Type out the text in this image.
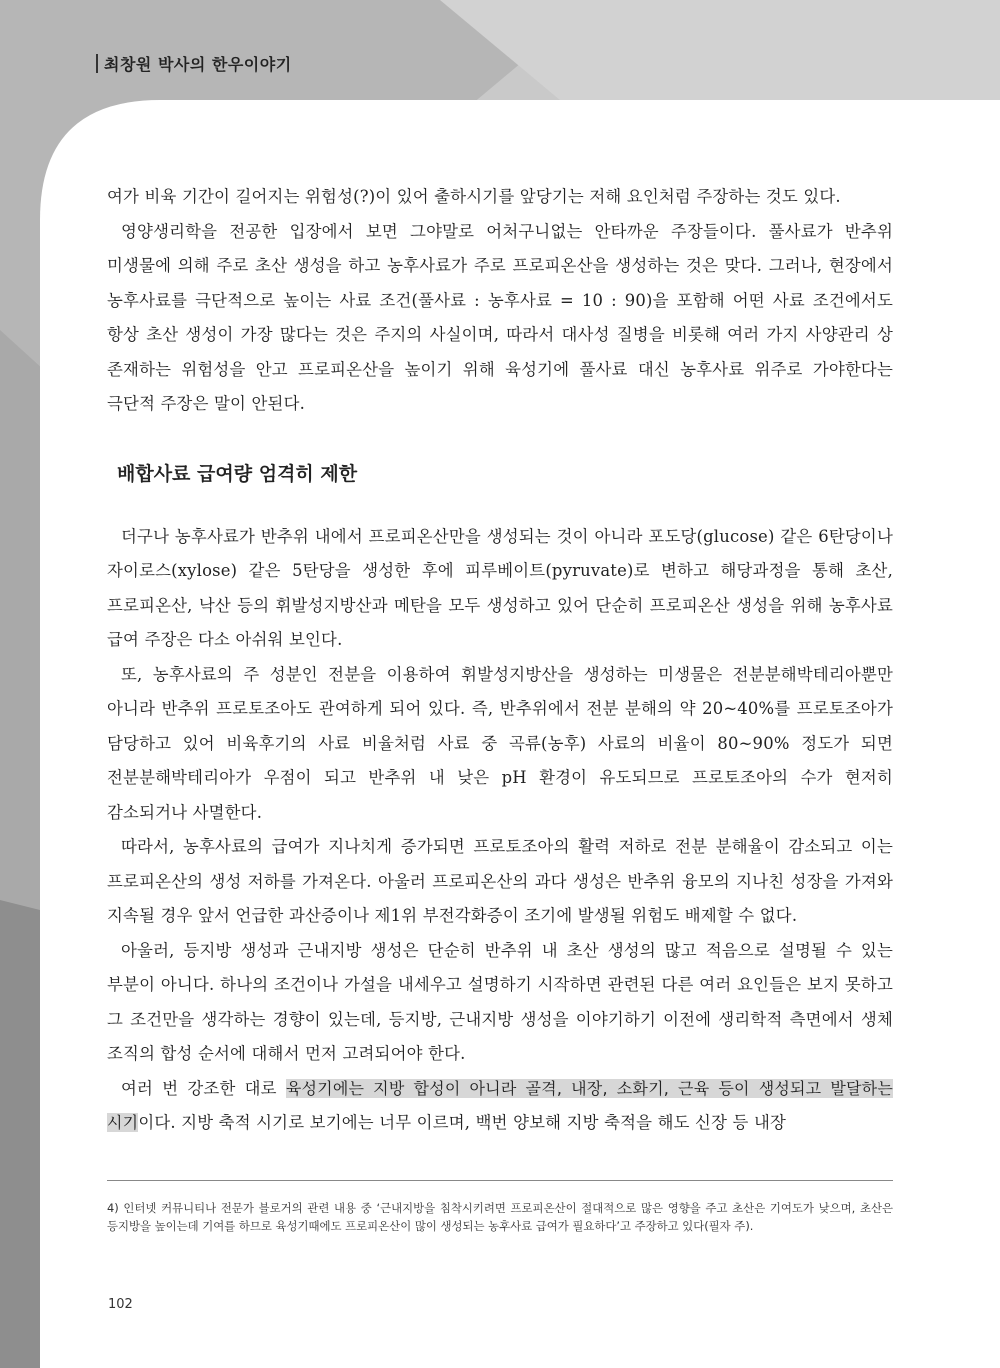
최창원 박사의 한우이야기

여가 비육 기간이 길어지는 위험성(?)이 있어 출하시기를 앞당기는 저해 요인처럼 주장하는 것도 있다.

영양생리학을 전공한 입장에서 보면 그야말로 어처구니없는 안타까운 주장들이다. 풀사료가 반추위 미생물에 의해 주로 초산 생성을 하고 농후사료가 주로 프로피온산을 생성하는 것은 맞다. 그러나, 현장에서 농후사료를 극단적으로 높이는 사료 조건(풀사료 : 농후사료 = 10 : 90)을 포함해 어떤 사료 조건에서도 항상 초산 생성이 가장 많다는 것은 주지의 사실이며, 따라서 대사성 질병을 비롯해 여러 가지 사양관리 상 존재하는 위험성을 안고 프로피온산을 높이기 위해 육성기에 풀사료 대신 농후사료 위주로 가야한다는 극단적 주장은 말이 안된다.

배합사료 급여량 엄격히 제한

더구나 농후사료가 반추위 내에서 프로피온산만을 생성되는 것이 아니라 포도당(glucose) 같은 6탄당이나 자이로스(xylose) 같은 5탄당을 생성한 후에 피루베이트(pyruvate)로 변하고 해당과정을 통해 초산, 프로피온산, 낙산 등의 휘발성지방산과 메탄을 모두 생성하고 있어 단순히 프로피온산 생성을 위해 농후사료 급여 주장은 다소 아쉬워 보인다.

또, 농후사료의 주 성분인 전분을 이용하여 휘발성지방산을 생성하는 미생물은 전분분해박테리아뿐만 아니라 반추위 프로토조아도 관여하게 되어 있다. 즉, 반추위에서 전분 분해의 약 20~40%를 프로토조아가 담당하고 있어 비육후기의 사료 비율처럼 사료 중 곡류(농후) 사료의 비율이 80~90% 정도가 되면 전분분해박테리아가 우점이 되고 반추위 내 낮은 pH 환경이 유도되므로 프로토조아의 수가 현저히 감소되거나 사멸한다.

따라서, 농후사료의 급여가 지나치게 증가되면 프로토조아의 활력 저하로 전분 분해율이 감소되고 이는 프로피온산의 생성 저하를 가져온다. 아울러 프로피온산의 과다 생성은 반추위 융모의 지나친 성장을 가져와 지속될 경우 앞서 언급한 과산증이나 제1위 부전각화증이 조기에 발생될 위험도 배제할 수 없다.

아울러, 등지방 생성과 근내지방 생성은 단순히 반추위 내 초산 생성의 많고 적음으로 설명될 수 있는 부분이 아니다. 하나의 조건이나 가설을 내세우고 설명하기 시작하면 관련된 다른 여러 요인들은 보지 못하고 그 조건만을 생각하는 경향이 있는데, 등지방, 근내지방 생성을 이야기하기 이전에 생리학적 측면에서 생체 조직의 합성 순서에 대해서 먼저 고려되어야 한다.

여러 번 강조한 대로 육성기에는 지방 합성이 아니라 골격, 내장, 소화기, 근육 등이 생성되고 발달하는 시기이다. 지방 축적 시기로 보기에는 너무 이르며, 백번 양보해 지방 축적을 해도 신장 등 내장

4) 인터넷 커뮤니티나 전문가 블로거의 관련 내용 중 ‘근내지방을 침착시키려면 프로피온산이 절대적으로 많은 영향을 주고 초산은 기여도가 낮으며, 초산은 등지방을 높이는데 기여를 하므로 육성기때에도 프로피온산이 많이 생성되는 농후사료 급여가 필요하다’고 주장하고 있다(필자 주).

102
